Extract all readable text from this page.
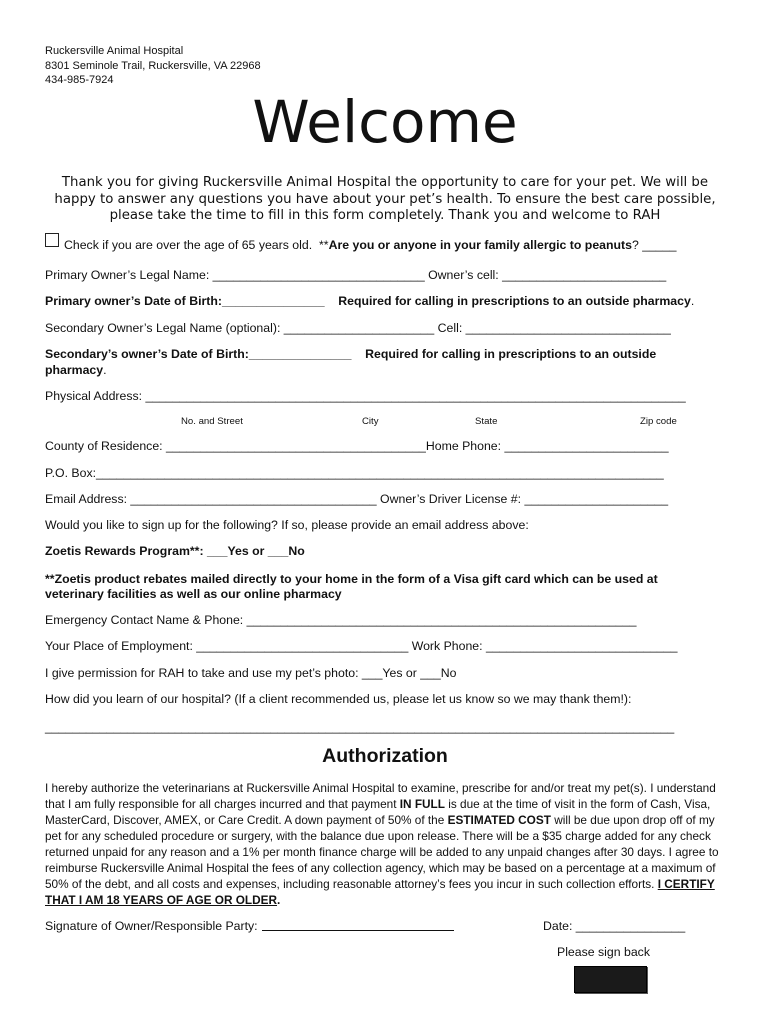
Ruckersville Animal Hospital
8301 Seminole Trail, Ruckersville, VA 22968
434-985-7924
Welcome
Thank you for giving Ruckersville Animal Hospital the opportunity to care for your pet. We will be happy to answer any questions you have about your pet’s health. To ensure the best care possible, please take the time to fill in this form completely. Thank you and welcome to RAH
Check if you are over the age of 65 years old. **Are you or anyone in your family allergic to peanuts? _____
Primary Owner’s Legal Name: _______________________________ Owner’s cell: ________________________
Primary owner’s Date of Birth:_______________ Required for calling in prescriptions to an outside pharmacy.
Secondary Owner’s Legal Name (optional): ______________________ Cell: ______________________________
Secondary’s owner’s Date of Birth:_______________ Required for calling in prescriptions to an outside
pharmacy.
Physical Address: _______________________________________________________________________________
No. and Street	City	State	Zip code
County of Residence: ______________________________________Home Phone: ________________________
P.O. Box:___________________________________________________________________________________
Email Address: ____________________________________ Owner’s Driver License #: _____________________
Would you like to sign up for the following? If so, please provide an email address above:
Zoetis Rewards Program**: ___Yes or ___No
**Zoetis product rebates mailed directly to your home in the form of a Visa gift card which can be used at
veterinary facilities as well as our online pharmacy
Emergency Contact Name & Phone: _________________________________________________________
Your Place of Employment: _______________________________ Work Phone: ____________________________
I give permission for RAH to take and use my pet’s photo: ___Yes or ___No
How did you learn of our hospital? (If a client recommended us, please let us know so we may thank them!):
____________________________________________________________________________________________
Authorization
I hereby authorize the veterinarians at Ruckersville Animal Hospital to examine, prescribe for and/or treat my pet(s). I understand that I am fully responsible for all charges incurred and that payment IN FULL is due at the time of visit in the form of Cash, Visa, MasterCard, Discover, AMEX, or Care Credit. A down payment of 50% of the ESTIMATED COST will be due upon drop off of my pet for any scheduled procedure or surgery, with the balance due upon release. There will be a $35 charge added for any check returned unpaid for any reason and a 1% per month finance charge will be added to any unpaid changes after 30 days. I agree to reimburse Ruckersville Animal Hospital the fees of any collection agency, which may be based on a percentage at a maximum of 50% of the debt, and all costs and expenses, including reasonable attorney’s fees you incur in such collection efforts. I CERTIFY THAT I AM 18 YEARS OF AGE OR OLDER.
Signature of Owner/Responsible Party:	Date: ________________
Please sign back
